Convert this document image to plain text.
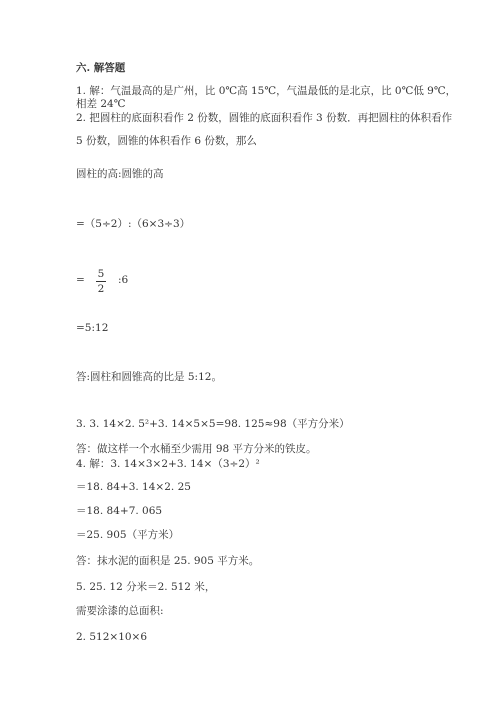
六. 解答题
1. 解：气温最高的是广州，比 0℃高 15℃，气温最低的是北京，比 0℃低 9℃，
相差 24℃
2. 把圆柱的底面积看作 2 份数，圆锥的底面积看作 3 份数．再把圆柱的体积看作
5 份数，圆锥的体积看作 6 份数，那么
圆柱的高:圆锥的高
=（5÷2）:（6×3÷3）
= 5
2
:6
=5:12
答:圆柱和圆锥高的比是 5:12。
3. 3. 14×2. 5²+3. 14×5×5=98. 125≈98（平方分米）
答：做这样一个水桶至少需用 98 平方分米的铁皮。
4. 解：3. 14×3×2+3. 14×（3÷2）²
＝18. 84+3. 14×2. 25
＝18. 84+7. 065
＝25. 905（平方米）
答：抹水泥的面积是 25. 905 平方米。
5. 25. 12 分米＝2. 512 米，
需要涂漆的总面积:
2. 512×10×6
